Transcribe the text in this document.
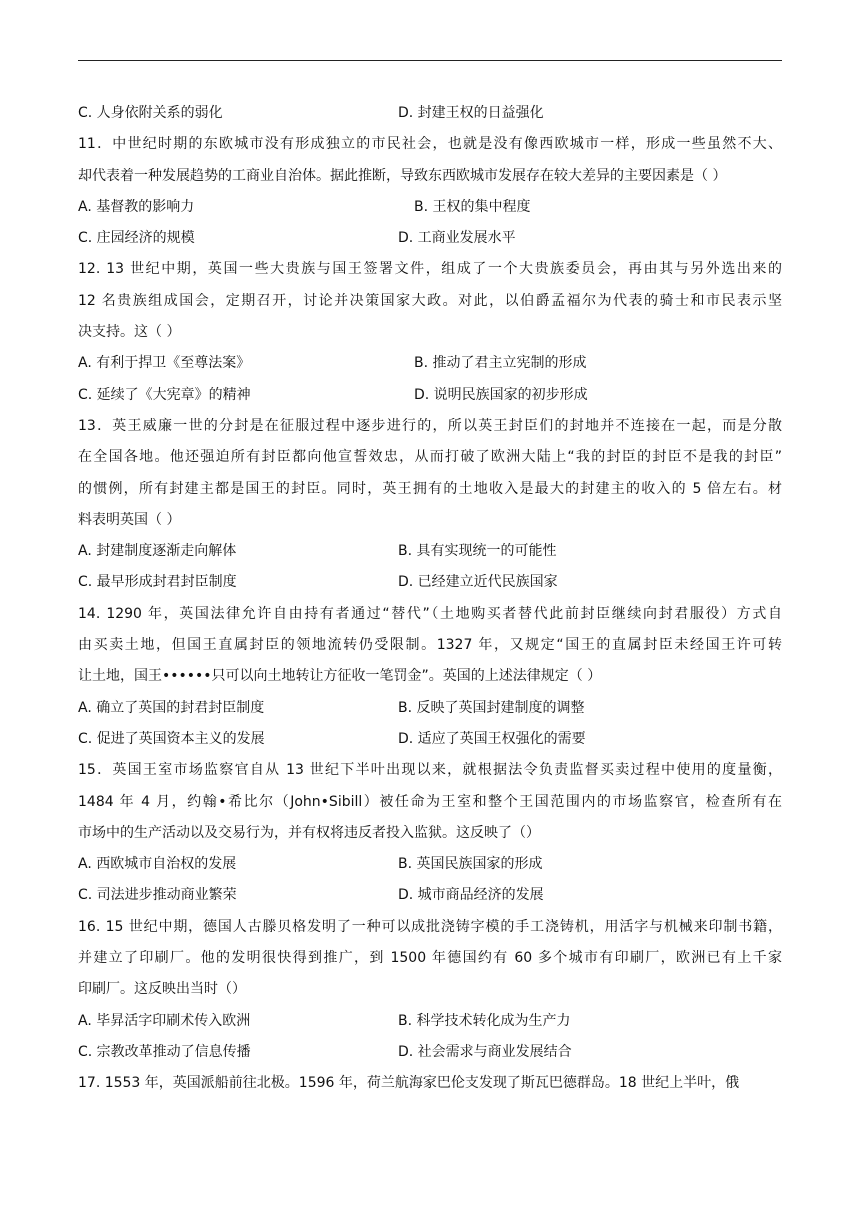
C. 人身依附关系的弱化	D. 封建王权的日益强化
11．中世纪时期的东欧城市没有形成独立的市民社会，也就是没有像西欧城市一样，形成一些虽然不大、
却代表着一种发展趋势的工商业自治体。据此推断，导致东西欧城市发展存在较大差异的主要因素是（ ）
A. 基督教的影响力	B. 王权的集中程度
C. 庄园经济的规模	D. 工商业发展水平
12. 13 世纪中期，英国一些大贵族与国王签署文件，组成了一个大贵族委员会，再由其与另外选出来的
12 名贵族组成国会，定期召开，讨论并决策国家大政。对此，以伯爵孟福尔为代表的骑士和市民表示坚
决支持。这（ ）
A. 有利于捍卫《至尊法案》	B. 推动了君主立宪制的形成
C. 延续了《大宪章》的精神	D. 说明民族国家的初步形成
13．英王威廉一世的分封是在征服过程中逐步进行的，所以英王封臣们的封地并不连接在一起，而是分散
在全国各地。他还强迫所有封臣都向他宣誓效忠，从而打破了欧洲大陆上“我的封臣的封臣不是我的封臣”
的惯例，所有封建主都是国王的封臣。同时，英王拥有的土地收入是最大的封建主的收入的 5 倍左右。材
料表明英国（ ）
A. 封建制度逐渐走向解体	B. 具有实现统一的可能性
C. 最早形成封君封臣制度	D. 已经建立近代民族国家
14. 1290 年，英国法律允许自由持有者通过“替代”（土地购买者替代此前封臣继续向封君服役）方式自
由买卖土地，但国王直属封臣的领地流转仍受限制。1327 年，又规定“国王的直属封臣未经国王许可转
让土地，国王••••••只可以向土地转让方征收一笔罚金”。英国的上述法律规定（ ）
A. 确立了英国的封君封臣制度	B. 反映了英国封建制度的调整
C. 促进了英国资本主义的发展	D. 适应了英国王权强化的需要
15．英国王室市场监察官自从 13 世纪下半叶出现以来，就根据法令负责监督买卖过程中使用的度量衡，
1484 年 4 月，约翰•希比尔（John•Sibill）被任命为王室和整个王国范围内的市场监察官，检查所有在
市场中的生产活动以及交易行为，并有权将违反者投入监狱。这反映了（）
A. 西欧城市自治权的发展	B. 英国民族国家的形成
C. 司法进步推动商业繁荣	D. 城市商品经济的发展
16. 15 世纪中期，德国人古滕贝格发明了一种可以成批浇铸字模的手工浇铸机，用活字与机械来印制书籍，
并建立了印刷厂。他的发明很快得到推广，到 1500 年德国约有 60 多个城市有印刷厂，欧洲已有上千家
印刷厂。这反映出当时（）
A. 毕昇活字印刷术传入欧洲	B. 科学技术转化成为生产力
C. 宗教改革推动了信息传播	D. 社会需求与商业发展结合
17. 1553 年，英国派船前往北极。1596 年，荷兰航海家巴伦支发现了斯瓦巴德群岛。18 世纪上半叶，俄
